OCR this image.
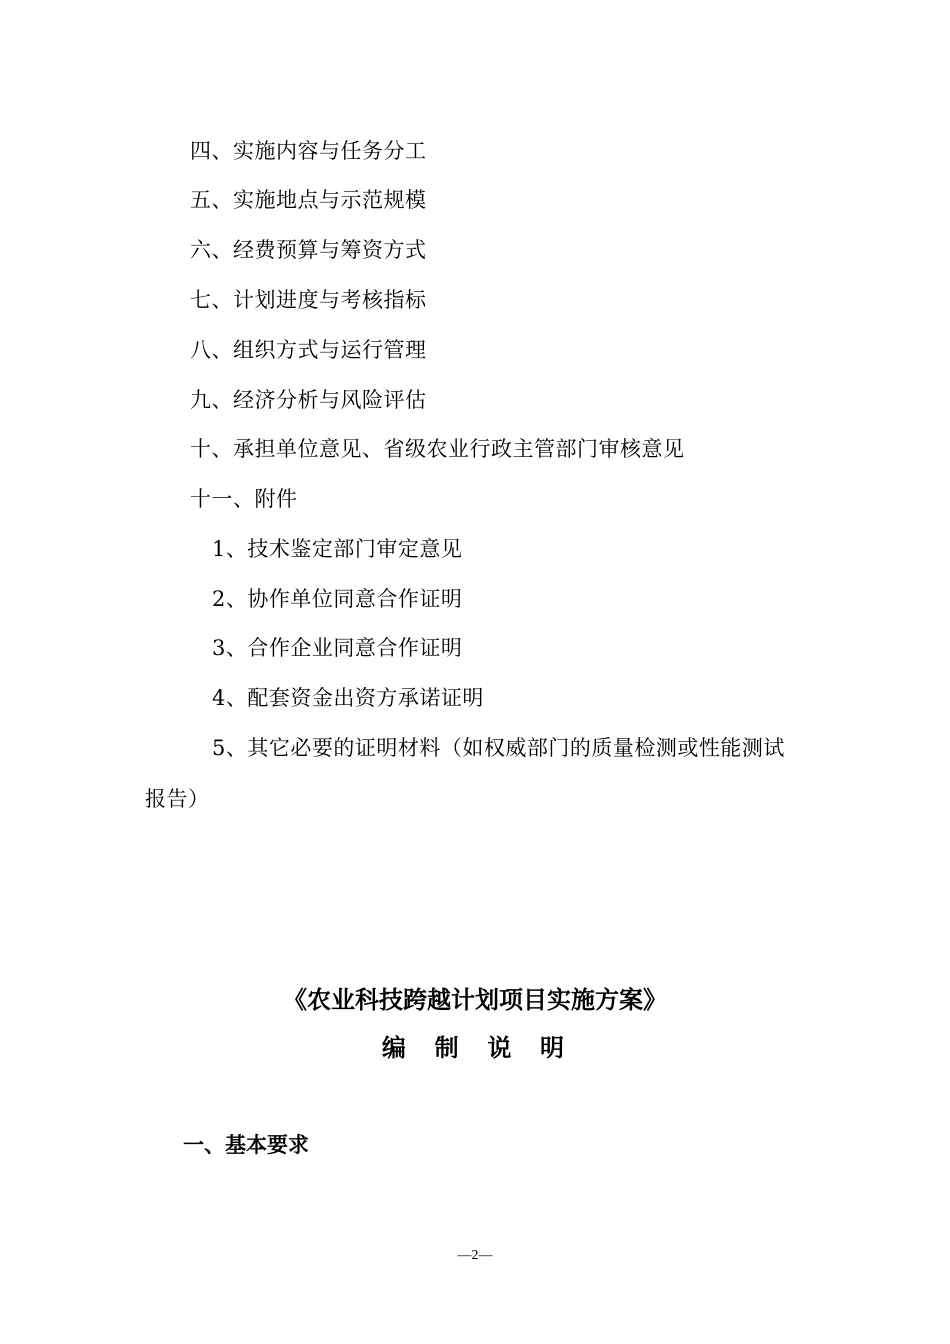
四、实施内容与任务分工
五、实施地点与示范规模
六、经费预算与筹资方式
七、计划进度与考核指标
八、组织方式与运行管理
九、经济分析与风险评估
十、承担单位意见、省级农业行政主管部门审核意见
十一、附件
1、技术鉴定部门审定意见
2、协作单位同意合作证明
3、合作企业同意合作证明
4、配套资金出资方承诺证明
5、其它必要的证明材料（如权威部门的质量检测或性能测试
报告）
《农业科技跨越计划项目实施方案》
编  制  说  明
一、基本要求
—2—
